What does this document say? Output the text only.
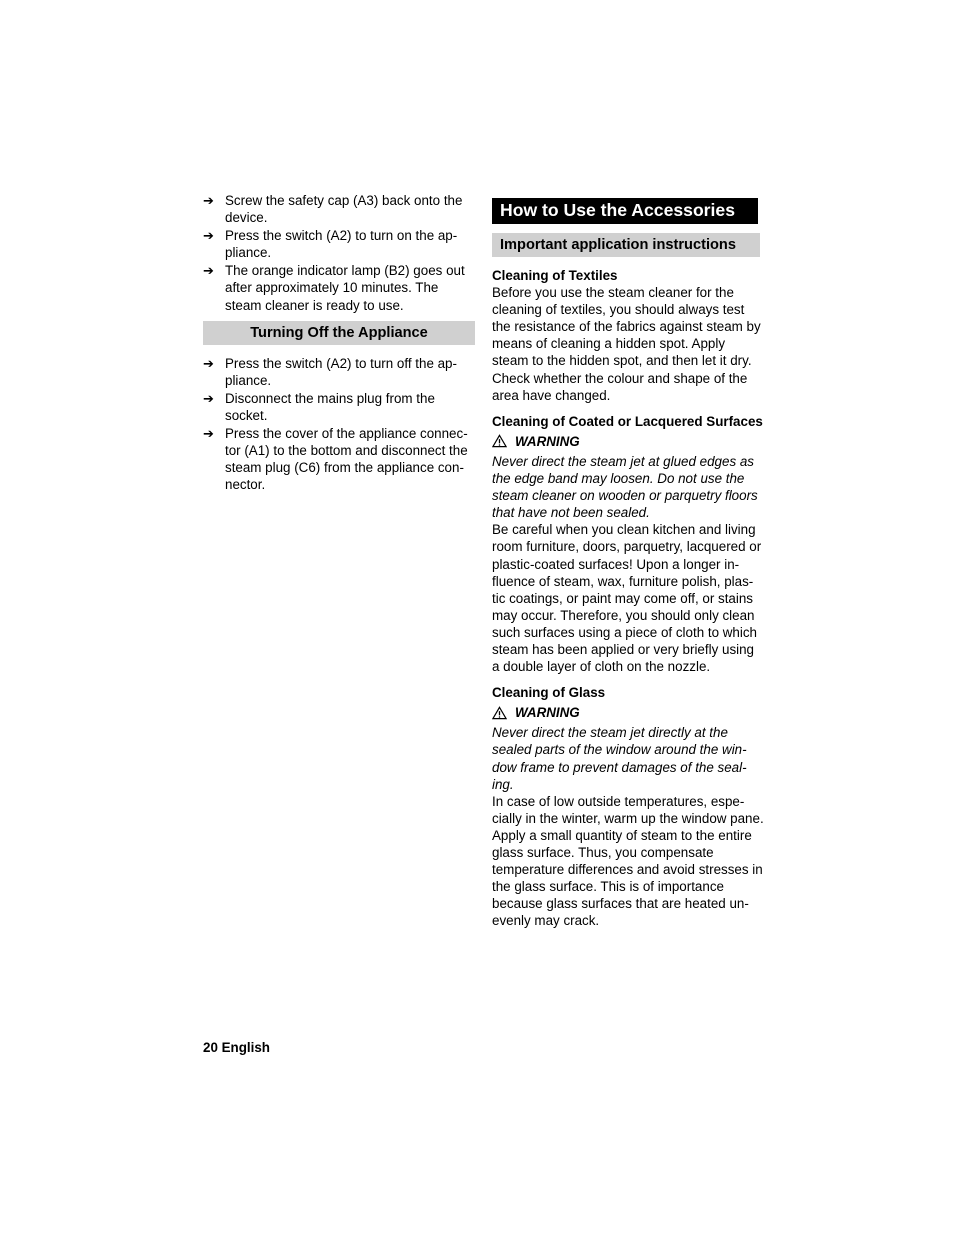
➔ Screw the safety cap (A3) back onto the device.
➔ Press the switch (A2) to turn on the ap-pliance.
➔ The orange indicator lamp (B2) goes out after approximately 10 minutes. The steam cleaner is ready to use.
Turning Off the Appliance
➔ Press the switch (A2) to turn off the ap-pliance.
➔ Disconnect the mains plug from the socket.
➔ Press the cover of the appliance connec-tor (A1) to the bottom and disconnect the steam plug (C6) from the appliance con-nector.
How to Use the Accessories
Important application instructions
Cleaning of Textiles

Before you use the steam cleaner for the cleaning of textiles, you should always test the resistance of the fabrics against steam by means of cleaning a hidden spot. Apply steam to the hidden spot, and then let it dry. Check whether the colour and shape of the area have changed.

Cleaning of Coated or Lacquered Surfaces
WARNING

Never direct the steam jet at glued edges as the edge band may loosen. Do not use the steam cleaner on wooden or parquetry floors that have not been sealed.

Be careful when you clean kitchen and living room furniture, doors, parquetry, lacquered or plastic-coated surfaces! Upon a longer in-fluence of steam, wax, furniture polish, plas-tic coatings, or paint may come off, or stains may occur. Therefore, you should only clean such surfaces using a piece of cloth to which steam has been applied or very briefly using a double layer of cloth on the nozzle.

Cleaning of Glass
WARNING

Never direct the steam jet directly at the sealed parts of the window around the win-dow frame to prevent damages of the seal-ing.

In case of low outside temperatures, espe-cially in the winter, warm up the window pane. Apply a small quantity of steam to the entire glass surface. Thus, you compensate temperature differences and avoid stresses in the glass surface. This is of importance because glass surfaces that are heated un-evenly may crack.

20 English
